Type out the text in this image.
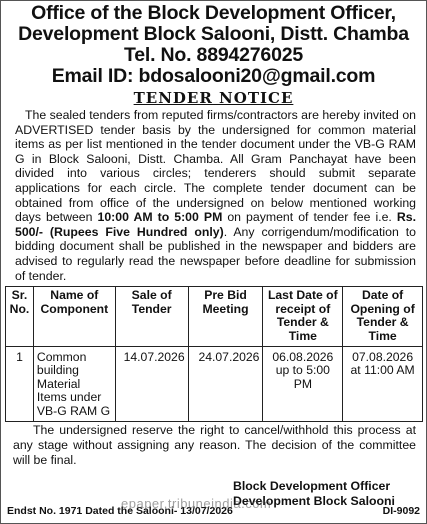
Office of the Block Development Officer,
Development Block Salooni, Distt. Chamba
Tel. No. 8894276025
Email ID: bdosalooni20@gmail.com
TENDER NOTICE

The sealed tenders from reputed firms/contractors are hereby invited on ADVERTISED tender basis by the undersigned for common material items as per list mentioned in the tender document under the VB-G RAM G in Block Salooni, Distt. Chamba. All Gram Panchayat have been divided into various circles; tenderers should submit separate applications for each circle. The complete tender document can be obtained from office of the undersigned on below mentioned working days between 10:00 AM to 5:00 PM on payment of tender fee i.e. Rs. 500/- (Rupees Five Hundred only). Any corrigendum/modification to bidding document shall be published in the newspaper and bidders are advised to regularly read the newspaper before deadline for submission of tender.

Sr. No.	Name of Component	Sale of Tender	Pre Bid Meeting	Last Date of receipt of Tender & Time	Date of Opening of Tender & Time
1	Common building Material Items under VB-G RAM G	14.07.2026	24.07.2026	06.08.2026 up to 5:00 PM	07.08.2026 at 11:00 AM

The undersigned reserve the right to cancel/withhold this process at any stage without assigning any reason. The decision of the committee will be final.

Block Development Officer
Development Block Salooni
Endst No. 1971 Dated the Salooni- 13/07/2026	DI-9092
epaper.tribuneindia.com
